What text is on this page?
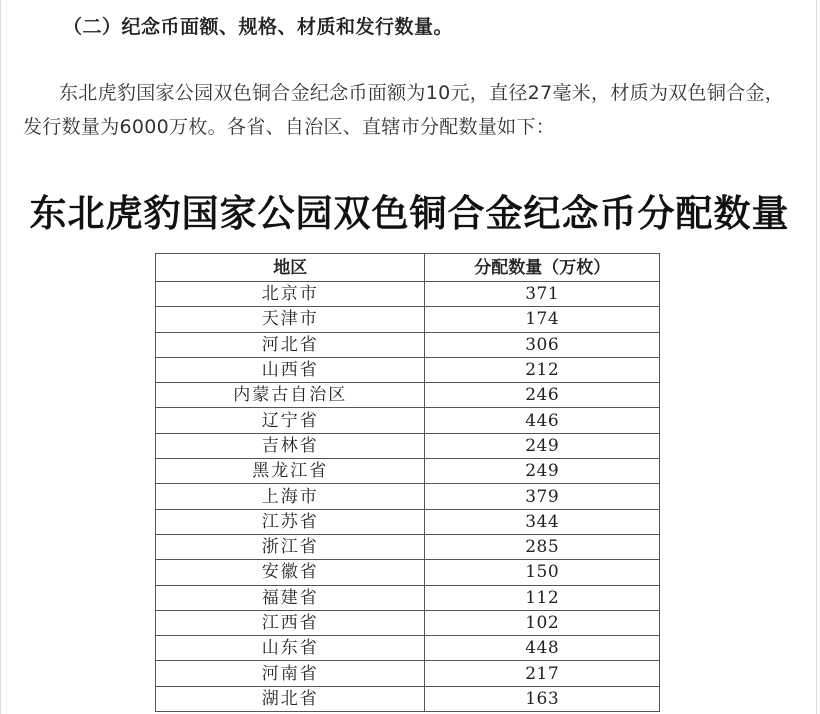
（二）纪念币面额、规格、材质和发行数量。

东北虎豹国家公园双色铜合金纪念币面额为10元，直径27毫米，材质为双色铜合金，发行数量为6000万枚。各省、自治区、直辖市分配数量如下：

东北虎豹国家公园双色铜合金纪念币分配数量
地区	分配数量（万枚）
北京市	371
天津市	174
河北省	306
山西省	212
内蒙古自治区	246
辽宁省	446
吉林省	249
黑龙江省	249
上海市	379
江苏省	344
浙江省	285
安徽省	150
福建省	112
江西省	102
山东省	448
河南省	217
湖北省	163
